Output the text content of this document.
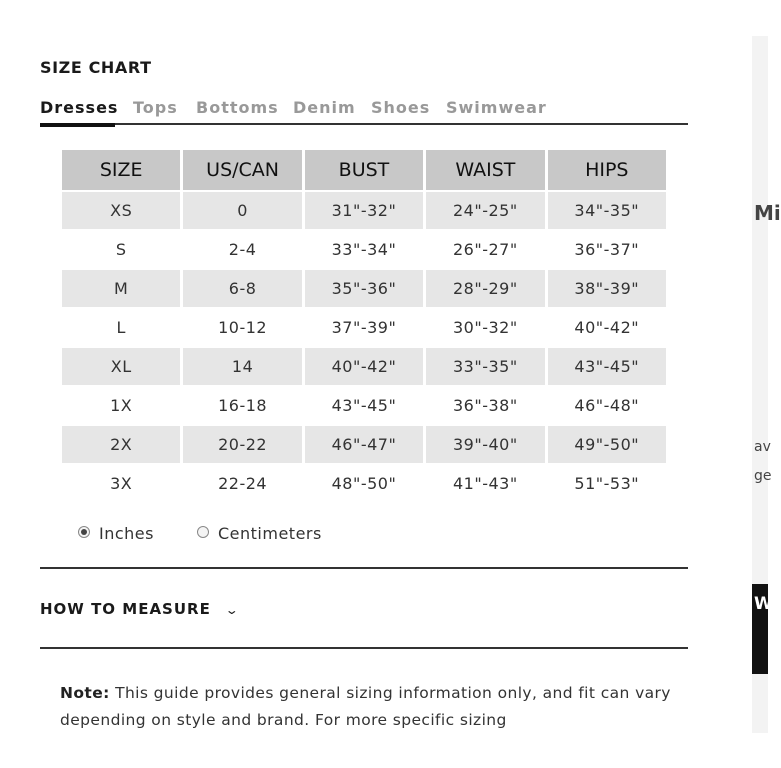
SIZE CHART
Dresses Tops Bottoms Denim Shoes Swimwear
SIZE	US/CAN	BUST	WAIST	HIPS
XS	0	31"-32"	24"-25"	34"-35"
S	2-4	33"-34"	26"-27"	36"-37"
M	6-8	35"-36"	28"-29"	38"-39"
L	10-12	37"-39"	30"-32"	40"-42"
XL	14	40"-42"	33"-35"	43"-45"
1X	16-18	43"-45"	36"-38"	46"-48"
2X	20-22	46"-47"	39"-40"	49"-50"
3X	22-24	48"-50"	41"-43"	51"-53"
Inches	Centimeters
HOW TO MEASURE ⌄
Note: This guide provides general sizing information only, and fit can vary depending on style and brand. For more specific sizing
Mi
av
ge
W
